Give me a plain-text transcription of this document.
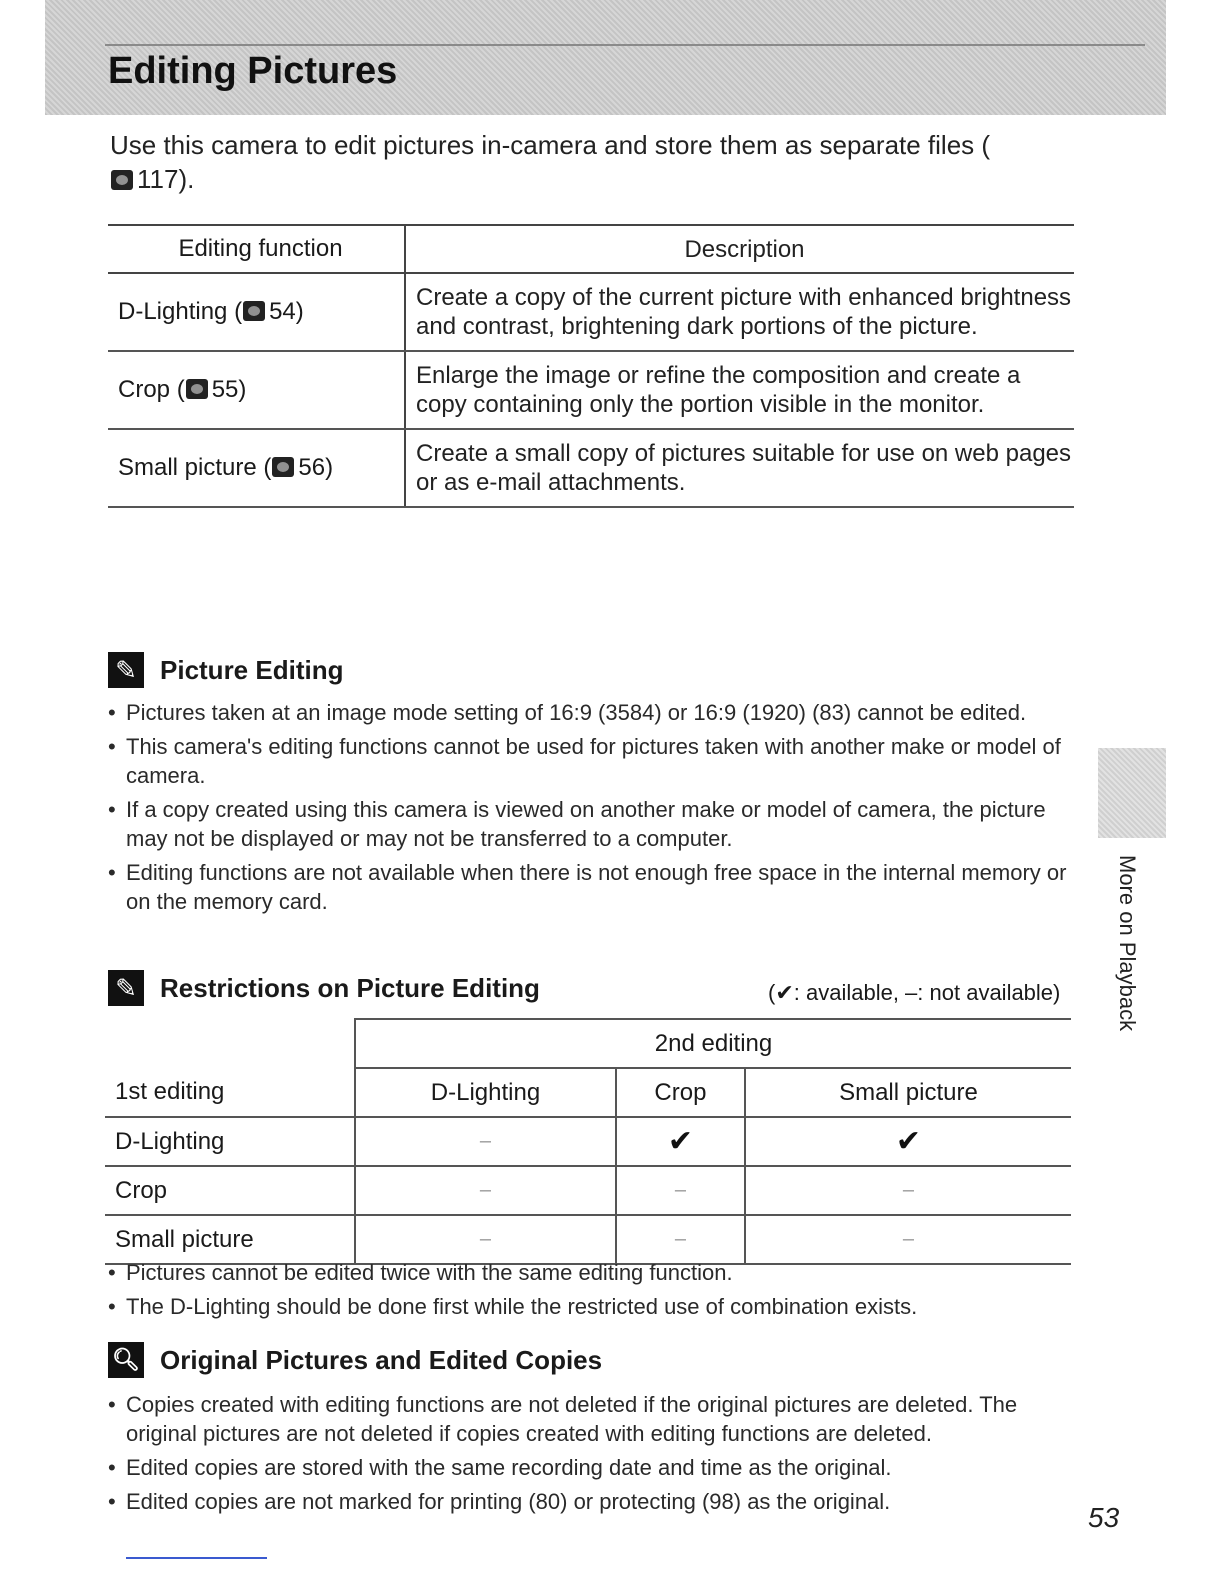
Editing Pictures
Use this camera to edit pictures in-camera and store them as separate files (117).
Editing function	Description
D-Lighting ( 54)	Create a copy of the current picture with enhanced brightness and contrast, brightening dark portions of the picture.
Crop ( 55)	Enlarge the image or refine the composition and create a copy containing only the portion visible in the monitor.
Small picture ( 56)	Create a small copy of pictures suitable for use on web pages or as e-mail attachments.
✎ Picture Editing
• Pictures taken at an image mode setting of 16:9 (3584) or 16:9 (1920) (83) cannot be edited.
• This camera's editing functions cannot be used for pictures taken with another make or model of camera.
• If a copy created using this camera is viewed on another make or model of camera, the picture may not be displayed or may not be transferred to a computer.
• Editing functions are not available when there is not enough free space in the internal memory or on the memory card.
✎ Restrictions on Picture Editing	(✔: available, –: not available)
	2nd editing		
1st editing	D-Lighting	Crop	Small picture
D-Lighting	–	✔	✔
Crop	–	–	–
Small picture	–	–	–
• Pictures cannot be edited twice with the same editing function.
• The D-Lighting should be done first while the restricted use of combination exists.
🔍︎ Original Pictures and Edited Copies
• Copies created with editing functions are not deleted if the original pictures are deleted. The original pictures are not deleted if copies created with editing functions are deleted.
• Edited copies are stored with the same recording date and time as the original.
• Edited copies are not marked for printing (80) or protecting (98) as the original.
More on Playback
53
